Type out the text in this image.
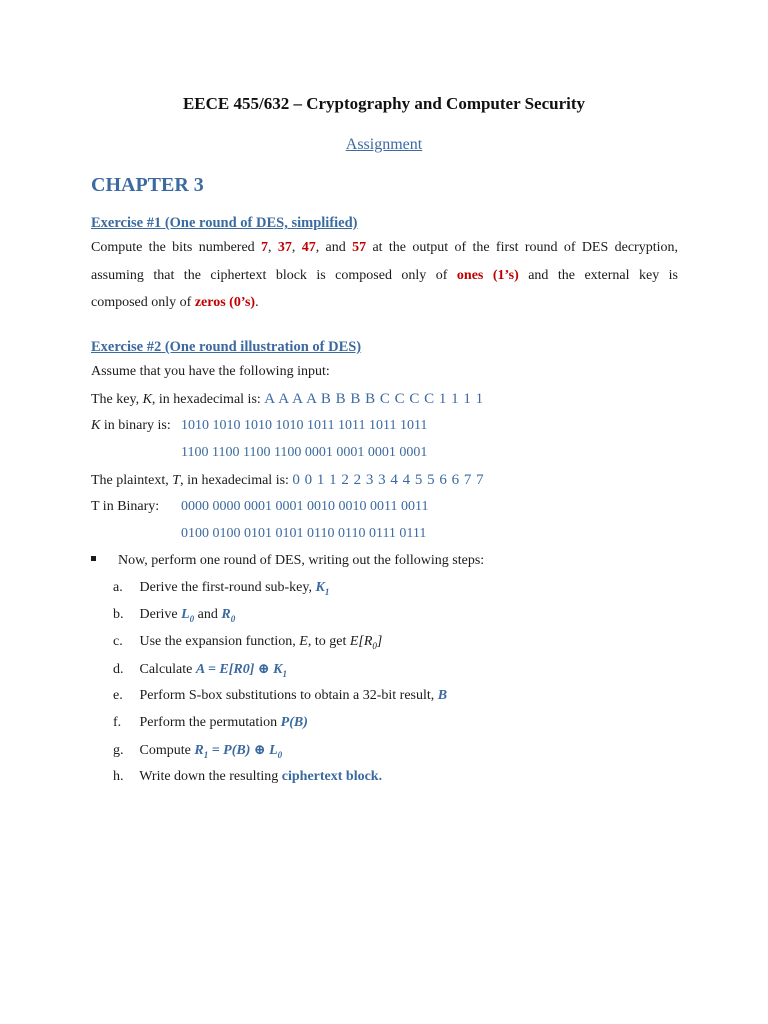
EECE 455/632 – Cryptography and Computer Security
Assignment
CHAPTER 3
Exercise #1 (One round of DES, simplified)
Compute the bits numbered 7, 37, 47, and 57 at the output of the first round of DES decryption,
assuming that the ciphertext block is composed only of ones (1’s) and the external key is
composed only of zeros (0’s).
Exercise #2 (One round illustration of DES)
Assume that you have the following input:
The key, K, in hexadecimal is: A A A A B B B B C C C C 1 1 1 1
K in binary is: 1010 1010 1010 1010 1011 1011 1011 1011
1100 1100 1100 1100 0001 0001 0001 0001
The plaintext, T, in hexadecimal is: 0 0 1 1 2 2 3 3 4 4 5 5 6 6 7 7
T in Binary: 0000 0000 0001 0001 0010 0010 0011 0011
0100 0100 0101 0101 0110 0110 0111 0111
Now, perform one round of DES, writing out the following steps:
a. Derive the first-round sub-key, $K_1$
b. Derive $L_0$ and $R_0$
c. Use the expansion function, E, to get $E[R_0]$
d. Calculate A = E[R0] ⊕ $K_1$
e. Perform S-box substitutions to obtain a 32-bit result, B
f. Perform the permutation P(B)
g. Compute $R_1 = P(B)$ ⊕ $L_0$
h. Write down the resulting ciphertext block.
